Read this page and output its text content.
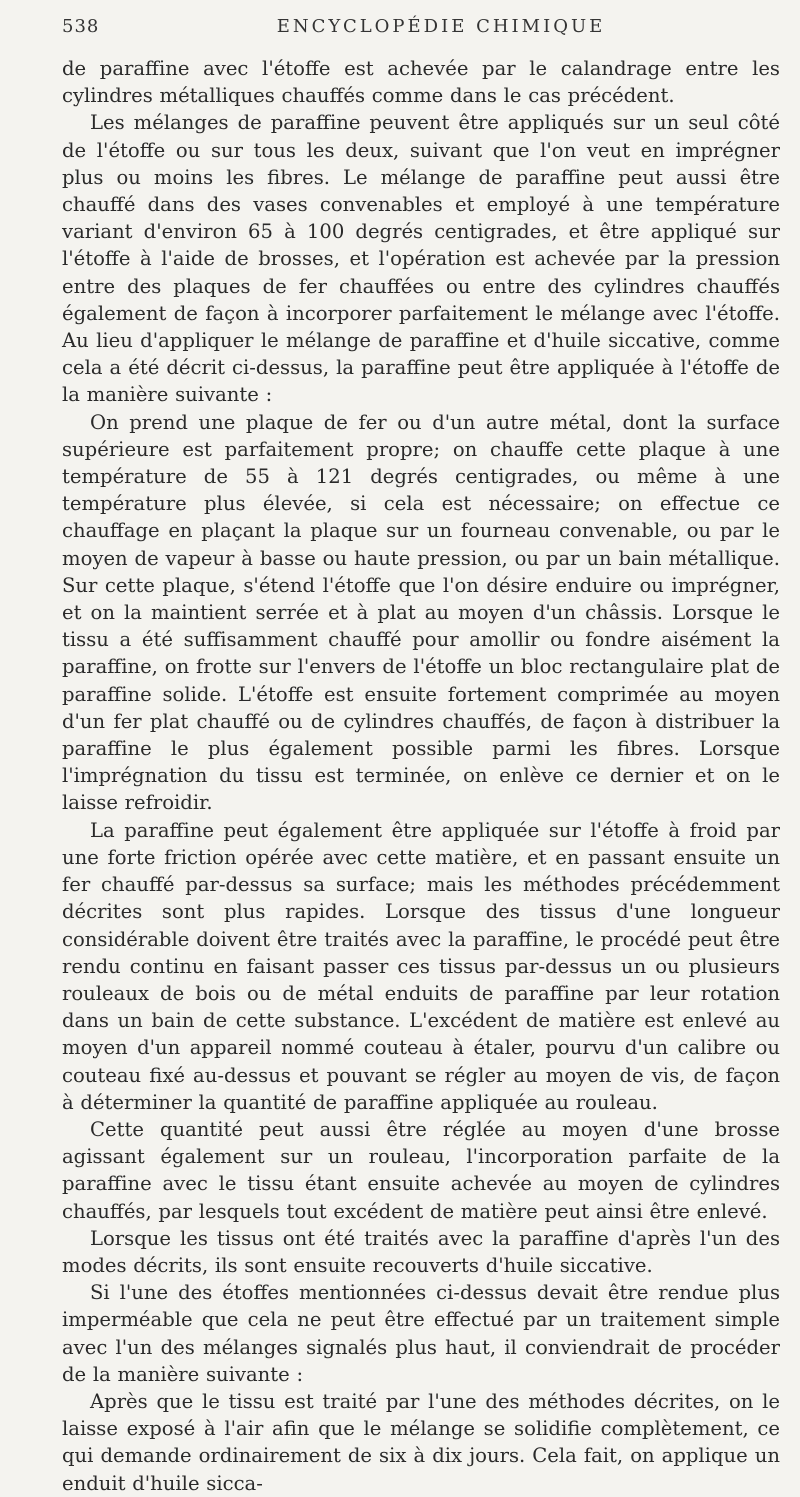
538	ENCYCLOPÉDIE CHIMIQUE

de paraffine avec l'étoffe est achevée par le calandrage entre les cylindres métalliques chauffés comme dans le cas précédent.

Les mélanges de paraffine peuvent être appliqués sur un seul côté de l'étoffe ou sur tous les deux, suivant que l'on veut en imprégner plus ou moins les fibres. Le mélange de paraffine peut aussi être chauffé dans des vases convenables et employé à une température variant d'environ 65 à 100 degrés centigrades, et être appliqué sur l'étoffe à l'aide de brosses, et l'opération est achevée par la pression entre des plaques de fer chauffées ou entre des cylindres chauffés également de façon à incorporer parfaitement le mélange avec l'étoffe. Au lieu d'appliquer le mélange de paraffine et d'huile siccative, comme cela a été décrit ci-dessus, la paraffine peut être appliquée à l'étoffe de la manière suivante :

On prend une plaque de fer ou d'un autre métal, dont la surface supérieure est parfaitement propre; on chauffe cette plaque à une température de 55 à 121 degrés centigrades, ou même à une température plus élevée, si cela est nécessaire; on effectue ce chauffage en plaçant la plaque sur un fourneau convenable, ou par le moyen de vapeur à basse ou haute pression, ou par un bain métallique. Sur cette plaque, s'étend l'étoffe que l'on désire enduire ou imprégner, et on la maintient serrée et à plat au moyen d'un châssis. Lorsque le tissu a été suffisamment chauffé pour amollir ou fondre aisément la paraffine, on frotte sur l'envers de l'étoffe un bloc rectangulaire plat de paraffine solide. L'étoffe est ensuite fortement comprimée au moyen d'un fer plat chauffé ou de cylindres chauffés, de façon à distribuer la paraffine le plus également possible parmi les fibres. Lorsque l'imprégnation du tissu est terminée, on enlève ce dernier et on le laisse refroidir.

La paraffine peut également être appliquée sur l'étoffe à froid par une forte friction opérée avec cette matière, et en passant ensuite un fer chauffé par-dessus sa surface; mais les méthodes précédemment décrites sont plus rapides. Lorsque des tissus d'une longueur considérable doivent être traités avec la paraffine, le procédé peut être rendu continu en faisant passer ces tissus par-dessus un ou plusieurs rouleaux de bois ou de métal enduits de paraffine par leur rotation dans un bain de cette substance. L'excédent de matière est enlevé au moyen d'un appareil nommé couteau à étaler, pourvu d'un calibre ou couteau fixé au-dessus et pouvant se régler au moyen de vis, de façon à déterminer la quantité de paraffine appliquée au rouleau.

Cette quantité peut aussi être réglée au moyen d'une brosse agissant également sur un rouleau, l'incorporation parfaite de la paraffine avec le tissu étant ensuite achevée au moyen de cylindres chauffés, par lesquels tout excédent de matière peut ainsi être enlevé.

Lorsque les tissus ont été traités avec la paraffine d'après l'un des modes décrits, ils sont ensuite recouverts d'huile siccative.

Si l'une des étoffes mentionnées ci-dessus devait être rendue plus imperméable que cela ne peut être effectué par un traitement simple avec l'un des mélanges signalés plus haut, il conviendrait de procéder de la manière suivante :

Après que le tissu est traité par l'une des méthodes décrites, on le laisse exposé à l'air afin que le mélange se solidifie complètement, ce qui demande ordinairement de six à dix jours. Cela fait, on applique un enduit d'huile sicca-
